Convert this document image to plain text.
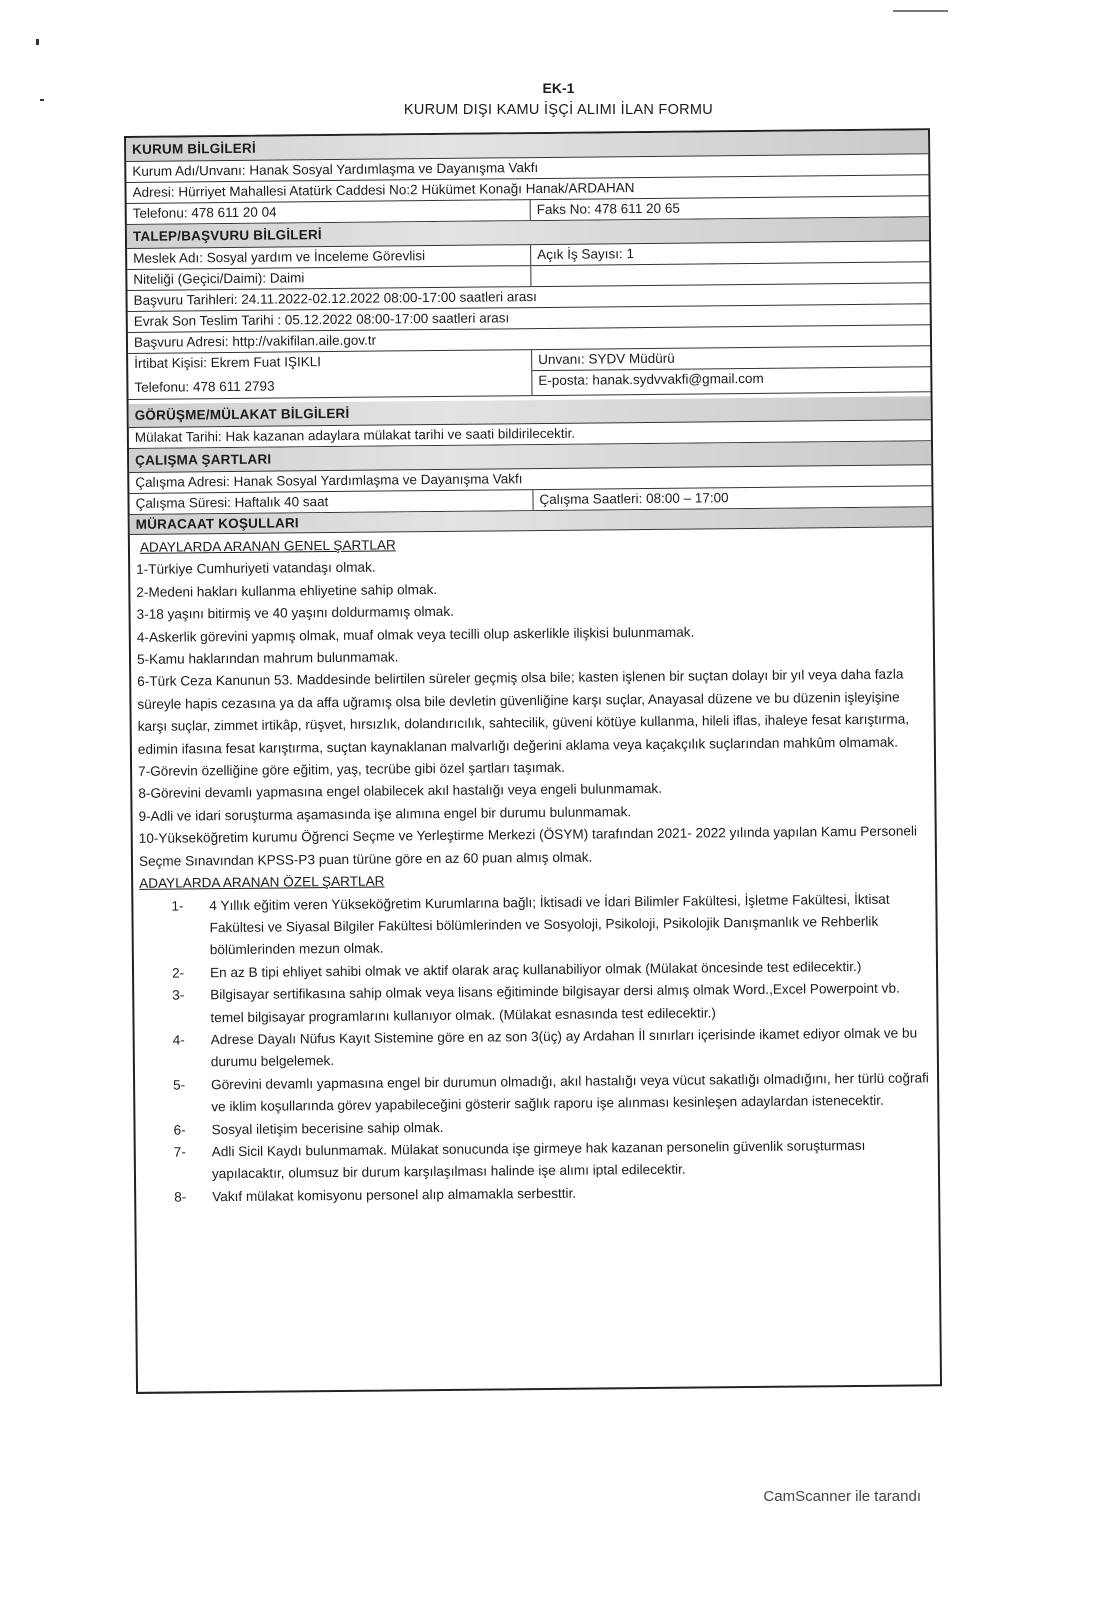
EK-1
KURUM DIŞI KAMU İŞÇİ ALIMI İLAN FORMU
KURUM BİLGİLERİ
Kurum Adı/Unvanı: Hanak Sosyal Yardımlaşma ve Dayanışma Vakfı
Adresi: Hürriyet Mahallesi Atatürk Caddesi No:2 Hükümet Konağı Hanak/ARDAHAN
Telefonu: 478 611 20 04	Faks No: 478 611 20 65
TALEP/BAŞVURU BİLGİLERİ
Meslek Adı: Sosyal yardım ve İnceleme Görevlisi	Açık İş Sayısı: 1
Niteliği (Geçici/Daimi): Daimi
Başvuru Tarihleri: 24.11.2022-02.12.2022 08:00-17:00 saatleri arası
Evrak Son Teslim Tarihi : 05.12.2022 08:00-17:00 saatleri arası
Başvuru Adresi: http://vakifilan.aile.gov.tr
İrtibat Kişisi: Ekrem Fuat IŞIKLI
Telefonu: 478 611 2793
Unvanı: SYDV Müdürü
E-posta: hanak.sydvvakfi@gmail.com
GÖRÜŞME/MÜLAKAT BİLGİLERİ
Mülakat Tarihi: Hak kazanan adaylara mülakat tarihi ve saati bildirilecektir.
ÇALIŞMA ŞARTLARI
Çalışma Adresi: Hanak Sosyal Yardımlaşma ve Dayanışma Vakfı
Çalışma Süresi: Haftalık 40 saat	Çalışma Saatleri: 08:00 – 17:00
MÜRACAAT KOŞULLARI
ADAYLARDA ARANAN GENEL ŞARTLAR

1-Türkiye Cumhuriyeti vatandaşı olmak.

2-Medeni hakları kullanma ehliyetine sahip olmak.

3-18 yaşını bitirmiş ve 40 yaşını doldurmamış olmak.

4-Askerlik görevini yapmış olmak, muaf olmak veya tecilli olup askerlikle ilişkisi bulunmamak.

5-Kamu haklarından mahrum bulunmamak.

6-Türk Ceza Kanunun 53. Maddesinde belirtilen süreler geçmiş olsa bile; kasten işlenen bir suçtan dolayı bir yıl veya daha fazla süreyle hapis cezasına ya da affa uğramış olsa bile devletin güvenliğine karşı suçlar, Anayasal düzene ve bu düzenin işleyişine karşı suçlar, zimmet irtikâp, rüşvet, hırsızlık, dolandırıcılık, sahtecilik, güveni kötüye kullanma, hileli iflas, ihaleye fesat karıştırma, edimin ifasına fesat karıştırma, suçtan kaynaklanan malvarlığı değerini aklama veya kaçakçılık suçlarından mahkûm olmamak.

7-Görevin özelliğine göre eğitim, yaş, tecrübe gibi özel şartları taşımak.

8-Görevini devamlı yapmasına engel olabilecek akıl hastalığı veya engeli bulunmamak.

9-Adli ve idari soruşturma aşamasında işe alımına engel bir durumu bulunmamak.

10-Yükseköğretim kurumu Öğrenci Seçme ve Yerleştirme Merkezi (ÖSYM) tarafından 2021- 2022 yılında yapılan Kamu Personeli Seçme Sınavından KPSS-P3 puan türüne göre en az 60 puan almış olmak.

ADAYLARDA ARANAN ÖZEL ŞARTLAR
1- 4 Yıllık eğitim veren Yükseköğretim Kurumlarına bağlı; İktisadi ve İdari Bilimler Fakültesi, İşletme Fakültesi, İktisat Fakültesi ve Siyasal Bilgiler Fakültesi bölümlerinden ve Sosyoloji, Psikoloji, Psikolojik Danışmanlık ve Rehberlik bölümlerinden mezun olmak.
2- En az B tipi ehliyet sahibi olmak ve aktif olarak araç kullanabiliyor olmak (Mülakat öncesinde test edilecektir.)
3- Bilgisayar sertifikasına sahip olmak veya lisans eğitiminde bilgisayar dersi almış olmak Word.,Excel Powerpoint vb. temel bilgisayar programlarını kullanıyor olmak. (Mülakat esnasında test edilecektir.)
4- Adrese Dayalı Nüfus Kayıt Sistemine göre en az son 3(üç) ay Ardahan İl sınırları içerisinde ikamet ediyor olmak ve bu durumu belgelemek.
5- Görevini devamlı yapmasına engel bir durumun olmadığı, akıl hastalığı veya vücut sakatlığı olmadığını, her türlü coğrafi ve iklim koşullarında görev yapabileceğini gösterir sağlık raporu işe alınması kesinleşen adaylardan istenecektir.
6- Sosyal iletişim becerisine sahip olmak.
7- Adli Sicil Kaydı bulunmamak. Mülakat sonucunda işe girmeye hak kazanan personelin güvenlik soruşturması yapılacaktır, olumsuz bir durum karşılaşılması halinde işe alımı iptal edilecektir.
8- Vakıf mülakat komisyonu personel alıp almamakla serbesttir.
CamScanner ile tarandı
